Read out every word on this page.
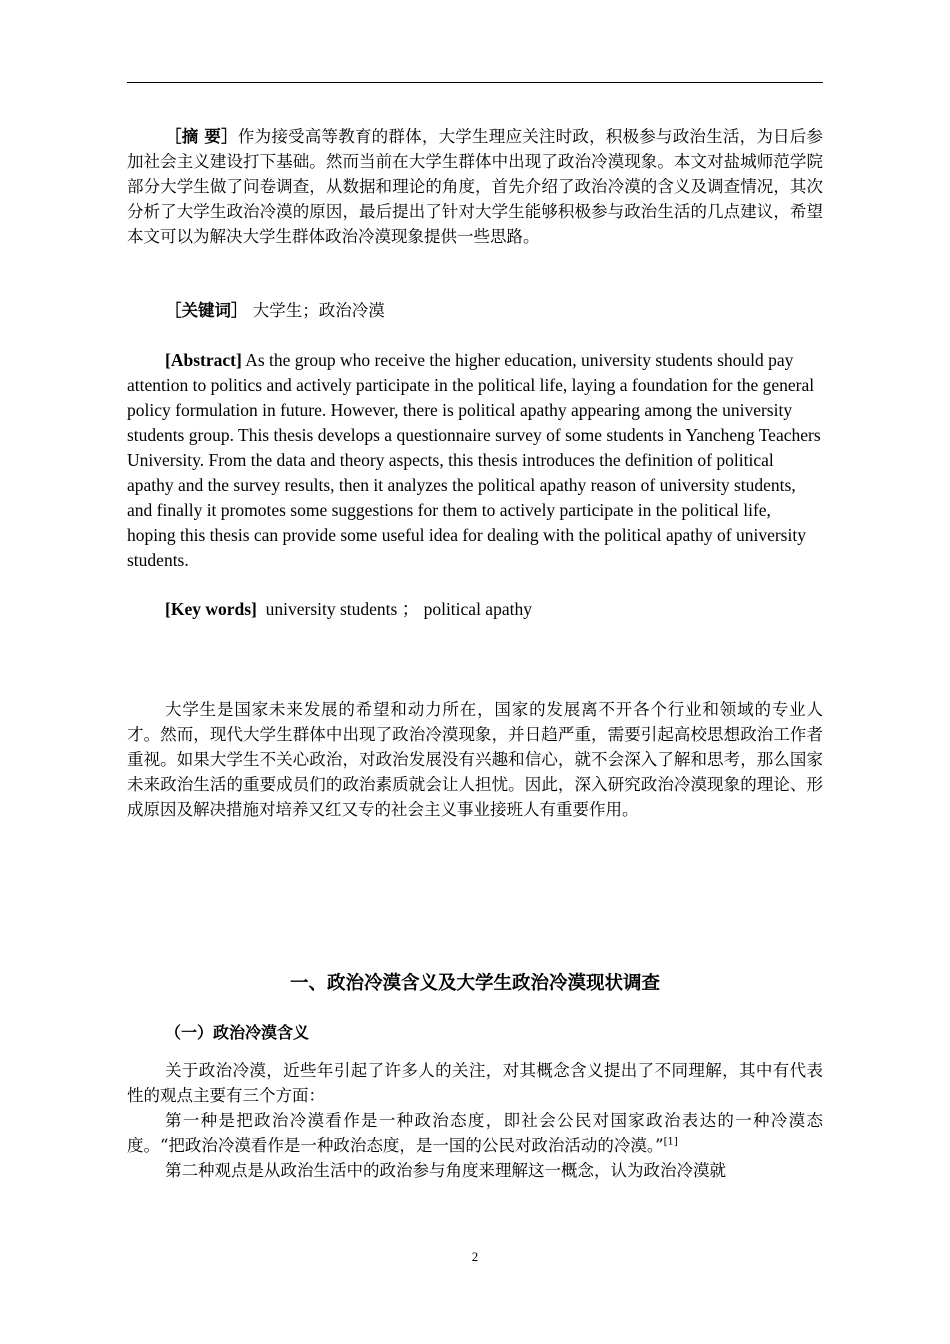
［摘 要］作为接受高等教育的群体，大学生理应关注时政，积极参与政治生活，为日后参加社会主义建设打下基础。然而当前在大学生群体中出现了政治冷漠现象。本文对盐城师范学院部分大学生做了问卷调查，从数据和理论的角度，首先介绍了政治冷漠的含义及调查情况，其次分析了大学生政治冷漠的原因，最后提出了针对大学生能够积极参与政治生活的几点建议，希望本文可以为解决大学生群体政治冷漠现象提供一些思路。

［关键词］ 大学生；政治冷漠

[Abstract] As the group who receive the higher education, university students should pay attention to politics and actively participate in the political life, laying a foundation for the general policy formulation in future. However, there is political apathy appearing among the university students group. This thesis develops a questionnaire survey of some students in Yancheng Teachers University. From the data and theory aspects, this thesis introduces the definition of political apathy and the survey results, then it analyzes the political apathy reason of university students, and finally it promotes some suggestions for them to actively participate in the political life, hoping this thesis can provide some useful idea for dealing with the political apathy of university students.

[Key words] university students ； political apathy

大学生是国家未来发展的希望和动力所在，国家的发展离不开各个行业和领域的专业人才。然而，现代大学生群体中出现了政治冷漠现象，并日趋严重，需要引起高校思想政治工作者重视。如果大学生不关心政治，对政治发展没有兴趣和信心，就不会深入了解和思考，那么国家未来政治生活的重要成员们的政治素质就会让人担忧。因此，深入研究政治冷漠现象的理论、形成原因及解决措施对培养又红又专的社会主义事业接班人有重要作用。

一、政治冷漠含义及大学生政治冷漠现状调查
（一）政治冷漠含义

关于政治冷漠，近些年引起了许多人的关注，对其概念含义提出了不同理解，其中有代表性的观点主要有三个方面：

第一种是把政治冷漠看作是一种政治态度，即社会公民对国家政治表达的一种冷漠态度。“把政治冷漠看作是一种政治态度，是一国的公民对政治活动的冷漠。”[1]

第二种观点是从政治生活中的政治参与角度来理解这一概念，认为政治冷漠就

2
